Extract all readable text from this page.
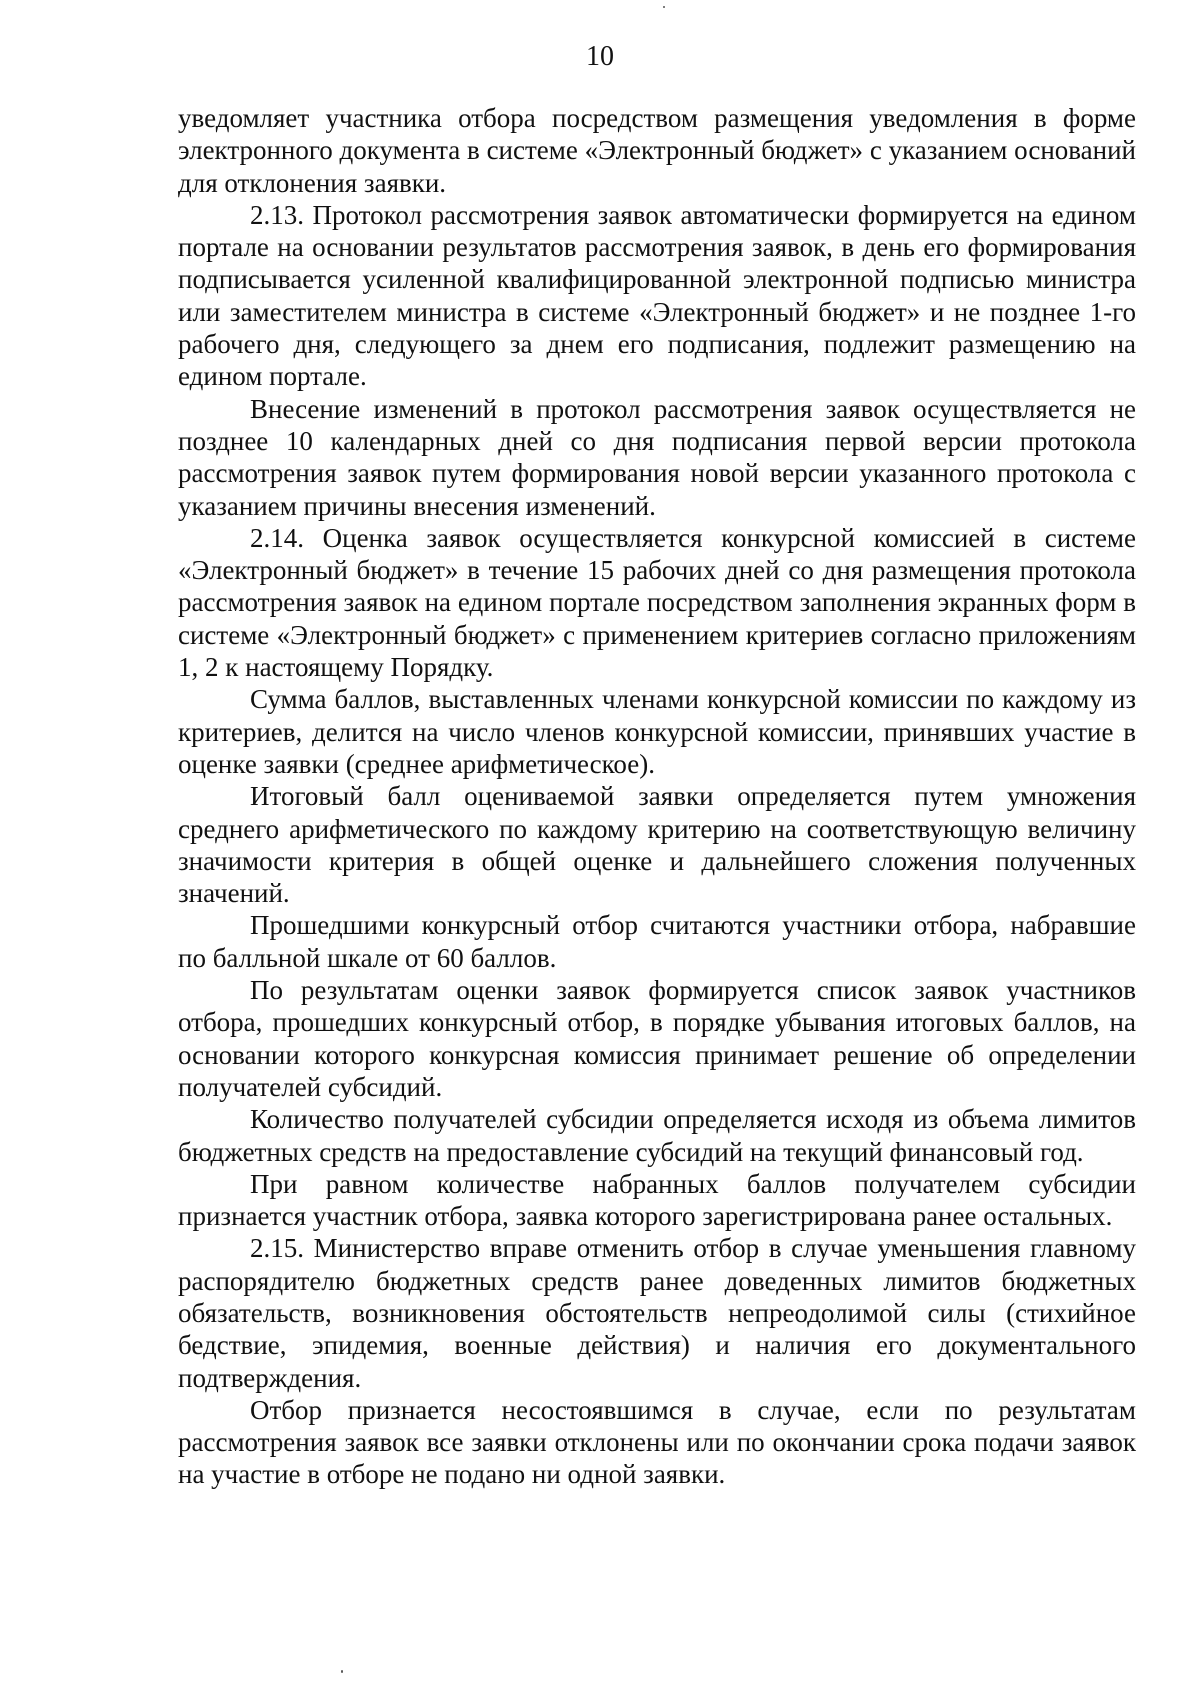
10

уведомляет участника отбора посредством размещения уведомления в форме электронного документа в системе «Электронный бюджет» с указанием оснований для отклонения заявки.

2.13. Протокол рассмотрения заявок автоматически формируется на едином портале на основании результатов рассмотрения заявок, в день его формирования подписывается усиленной квалифицированной электронной подписью министра или заместителем министра в системе «Электронный бюджет» и не позднее 1-го рабочего дня, следующего за днем его подписания, подлежит размещению на едином портале.

Внесение изменений в протокол рассмотрения заявок осуществляется не позднее 10 календарных дней со дня подписания первой версии протокола рассмотрения заявок путем формирования новой версии указанного протокола с указанием причины внесения изменений.

2.14. Оценка заявок осуществляется конкурсной комиссией в системе «Электронный бюджет» в течение 15 рабочих дней со дня размещения протокола рассмотрения заявок на едином портале посредством заполнения экранных форм в системе «Электронный бюджет» с применением критериев согласно приложениям 1, 2 к настоящему Порядку.

Сумма баллов, выставленных членами конкурсной комиссии по каждому из критериев, делится на число членов конкурсной комиссии, принявших участие в оценке заявки (среднее арифметическое).

Итоговый балл оцениваемой заявки определяется путем умножения среднего арифметического по каждому критерию на соответствующую величину значимости критерия в общей оценке и дальнейшего сложения полученных значений.

Прошедшими конкурсный отбор считаются участники отбора, набравшие по балльной шкале от 60 баллов.

По результатам оценки заявок формируется список заявок участников отбора, прошедших конкурсный отбор, в порядке убывания итоговых баллов, на основании которого конкурсная комиссия принимает решение об определении получателей субсидий.

Количество получателей субсидии определяется исходя из объема лимитов бюджетных средств на предоставление субсидий на текущий финансовый год.

При равном количестве набранных баллов получателем субсидии признается участник отбора, заявка которого зарегистрирована ранее остальных.

2.15. Министерство вправе отменить отбор в случае уменьшения главному распорядителю бюджетных средств ранее доведенных лимитов бюджетных обязательств, возникновения обстоятельств непреодолимой силы (стихийное бедствие, эпидемия, военные действия) и наличия его документального подтверждения.

Отбор признается несостоявшимся в случае, если по результатам рассмотрения заявок все заявки отклонены или по окончании срока подачи заявок на участие в отборе не подано ни одной заявки.
